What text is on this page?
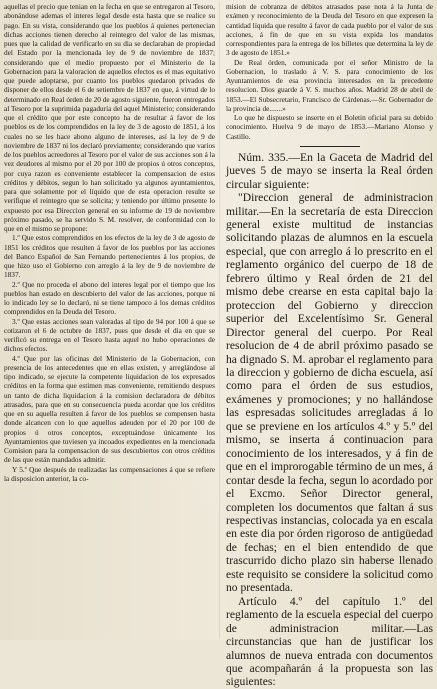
aquellas el precio que tenian en la fecha en que se entregaron al Tesoro, abonándose ademas el interes legal desde esta hasta que se realice su pago. En su vista, considerando que los pueblos á quienes pertenecian dichas acciones tienen derecho al reintegro del valor de las mismas, pues que la calidad de verificarlo en su dia se declaraban de propiedad del Estado por la mencionada ley de 9 de noviembre de 1837; considerando que el medio propuesto por el Ministerio de la Gobernacion para la valoracion de aquellos efectos es el mas equitativo que puede adoptarse, por cuanto los pueblos quedaron privados de disponer de ellos desde el 6 de setiembre de 1837 en que, á virtud de lo determinado en Real órden de 20 de agosto siguiente, fueron entregados al Tesoro por la suprimida pagaduría del aquel Ministerio; considerando que el crédito que por este concepto ha de resultar á favor de los pueblos es de los comprendidos en la ley de 3 de agosto de 1851, á los cuales no se les hace abono alguno de intereses, así la ley de 9 de noviembre de 1837 ni los declaró previamente; considerando que varios de los pueblos acreedores al Tesoro por el valor de sus acciones son á la vez deudores al mismo por el 20 por 100 de propios ú otros conceptos, por cuya razon es conveniente establecer la compensacion de estos créditos y débitos, segun lo han solicitado ya algunos ayuntamientos, para que solamente por el líquido que de esta operacion resulte se verifique el reintegro que se solicita; y teniendo por último presente lo expuesto por esa Direccion general en su informe de 19 de noviembre próximo pasado, se ha servido S. M. resolver, de conformidad con lo que en el mismo se propone:

1.º Que estos comprendidos en los efectos de la ley de 3 de agosto de 1851 los créditos que resulten á favor de los pueblos por las acciones del Banco Español de San Fernando pertenecientes á los propios, de que hizo uso el Gobierno con arreglo á la ley de 9 de noviembre de 1837.

2.º Que no proceda el abono del interes legal por el tiempo que los pueblos han estado en descubierto del valor de las acciones, porque ni lo indicado ley se lo declaró, ni se tiene tampoco á los demas créditos comprendidos en la Deuda del Tesoro.

3.º Que estas acciones sean valoradas al tipo de 94 por 100 á que se cotizaron el 6 de octubre de 1837, pues que desde el dia en que se verificó su entrega en el Tesoro hasta aquel no hubo operaciones de dichos efectos.

4.º Que por las oficinas del Ministerio de la Gobernacion, con presencia de los antecedentes que en ellas existen, y arreglándose al tipo indicado, se ejecute la competente liquidacion de los expresados créditos en la forma que estimen mas conveniente, remitiendo despues un tanto de dicha liquidacion á la comision declaradora de débitos atrasados, para que en su consecuencia pueda acordar que los créditos que en su aquella resulten á favor de los pueblos se compensen hasta donde alcancen con lo que aquellos adeuden por el 20 por 100 de propios ú otros conceptos, exceptuándose únicamente los Ayuntamientos que tuviesen ya incoados expedientes en la mencionada Comision para la compensacion de sus descubiertos con otros créditos de las que están mandados admitir.

Y 5.º Que después de realizadas las compensaciones á que se refiere la disposicion anterior, la co-

mision de cobranza de débitos atrasados pase nota á la Junta de exámen y reconocimiento de la Deuda del Tesoro en que expresen la cantidad líquida que resulte á favor de cada pueblo por el valor de sus acciones, á fin de que en su vista expida los mandatos correspondientes para la entrega de los billetes que determina la ley de 3 de agosto de 1851.»

De Real órden, comunicada por el señor Ministro de la Gobernacion, lo traslado á V. S. para conocimiento de los Ayuntamientos de esa provincia interesados en la precedente resolucion. Dios guarde á V. S. muchos años. Madrid 28 de abril de 1853.—El Subsecretario, Francisco de Cárdenas.—Sr. Gobernador de la provincia de.......»

Lo que he dispuesto se inserte en el Boletin oficial para su debido conocimiento. Huelva 9 de mayo de 1853.—Mariano Alonso y Castillo.

Núm. 335.—En la Gaceta de Madrid del jueves 5 de mayo se inserta la Real órden circular siguiente:

"Direccion general de administracion militar.—En la secretaría de esta Direccion general existe multitud de instancias solicitando plazas de alumnos en la escuela especial, que con arreglo á lo prescrito en el reglamento orgánico del cuerpo de 18 de febrero último y Real órden de 21 del mismo debe crearse en esta capital bajo la proteccion del Gobierno y direccion superior del Excelentísimo Sr. General Director general del cuerpo. Por Real resolucion de 4 de abril próximo pasado se ha dignado S. M. aprobar el reglamento para la direccion y gobierno de dicha escuela, así como para el órden de sus estudios, exámenes y promociones; y no hallándose las espresadas solicitudes arregladas á lo que se previene en los artículos 4.º y 5.º del mismo, se inserta á continuacion para conocimiento de los interesados, y á fin de que en el improrogable término de un mes, á contar desde la fecha, segun lo acordado por el Excmo. Señor Director general, completen los documentos que faltan á sus respectivas instancias, colocada ya en escala en este dia por órden rigoroso de antigüedad de fechas; en el bien entendido de que trascurrido dicho plazo sin haberse llenado este requisito se considere la solicitud como no presentada.

Artículo 4.º del capítulo 1.º del reglamento de la escuela especial del cuerpo de administracion militar.—Las circunstancias que han de justificar los alumnos de nueva entrada con documentos que acompañarán á la propuesta son las siguientes:
